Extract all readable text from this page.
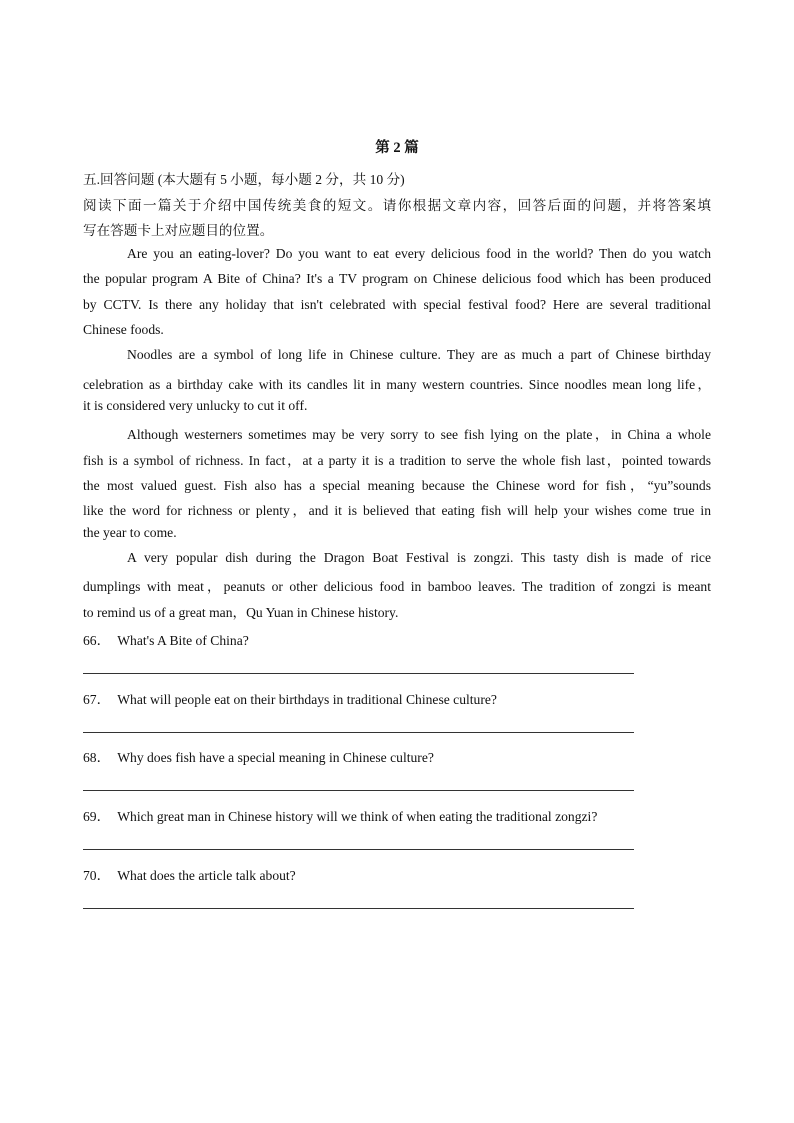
第 2 篇
五.回答问题 (本大题有 5 小题，每小题 2 分，共 10 分)
阅读下面一篇关于介绍中国传统美食的短文。请你根据文章内容，回答后面的问题，并将答案填
写在答题卡上对应题目的位置。
Are you an eating-lover? Do you want to eat every delicious food in the world? Then do you watch
the popular program A Bite of China? It's a TV program on Chinese delicious food which has been produced
by CCTV. Is there any holiday that isn't celebrated with special festival food? Here are several traditional
Chinese foods.
Noodles are a symbol of long life in Chinese culture. They are as much a part of Chinese birthday
celebration as a birthday cake with its candles lit in many western countries. Since noodles mean long life，
it is considered very unlucky to cut it off.
Although westerners sometimes may be very sorry to see fish lying on the plate，in China a whole
fish is a symbol of richness. In fact，at a party it is a tradition to serve the whole fish last，pointed towards
the most valued guest. Fish also has a special meaning because the Chinese word for fish，“yu”sounds
like the word for richness or plenty，and it is believed that eating fish will help your wishes come true in
the year to come.
A very popular dish during the Dragon Boat Festival is zongzi. This tasty dish is made of rice
dumplings with meat，peanuts or other delicious food in bamboo leaves. The tradition of zongzi is meant
to remind us of a great man，Qu Yuan in Chinese history.
66． What's A Bite of China?
67． What will people eat on their birthdays in traditional Chinese culture?
68． Why does fish have a special meaning in Chinese culture?
69． Which great man in Chinese history will we think of when eating the traditional zongzi?
70． What does the article talk about?
